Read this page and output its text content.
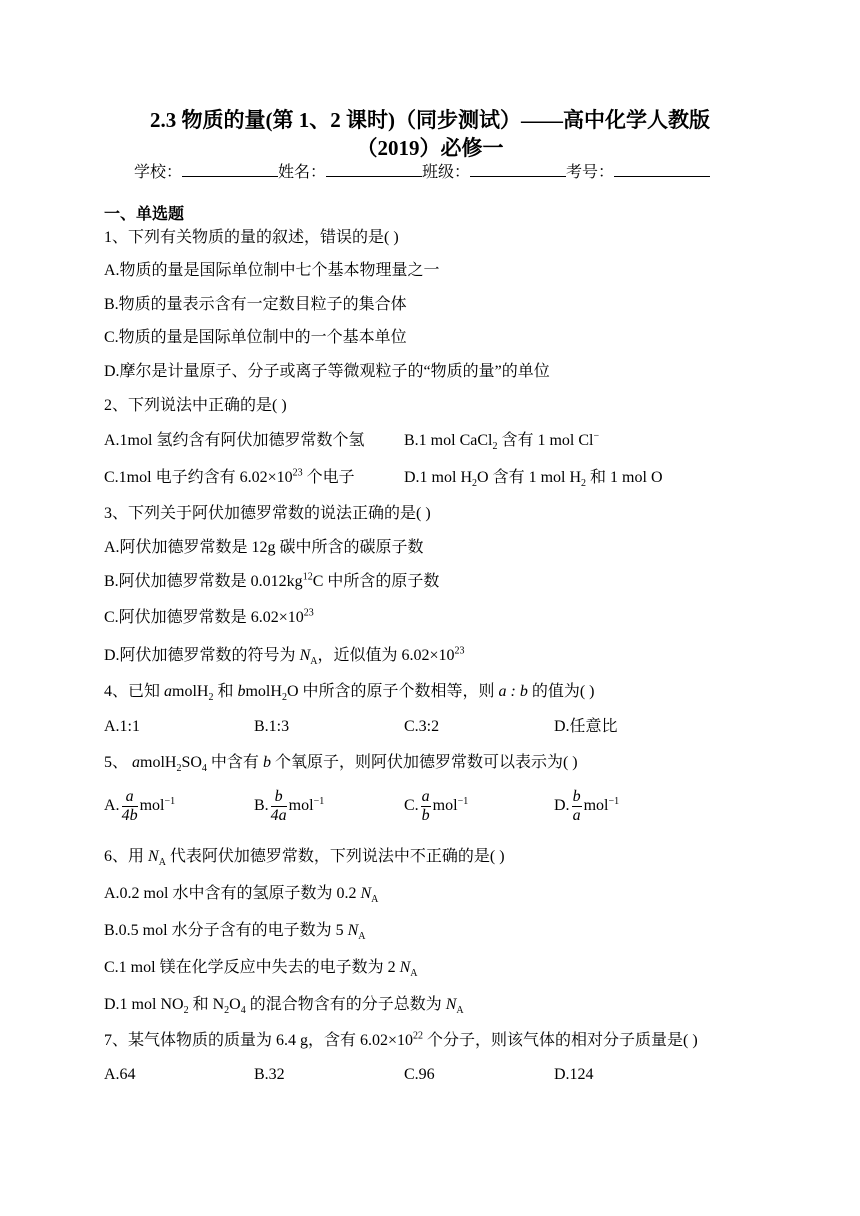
2.3 物质的量(第 1、2 课时)（同步测试）——高中化学人教版
（2019）必修一
学校：	姓名：	班级：	考号：
一、单选题
1、下列有关物质的量的叙述，错误的是( )
A.物质的量是国际单位制中七个基本物理量之一
B.物质的量表示含有一定数目粒子的集合体
C.物质的量是国际单位制中的一个基本单位
D.摩尔是计量原子、分子或离子等微观粒子的“物质的量”的单位
2、下列说法中正确的是( )
A.1mol 氢约含有阿伏加德罗常数个氢 B.1 mol CaCl$_2$ 含有 1 mol Cl−
C.1mol 电子约含有 $6.02\times 10^{23}$ 个电子	D.1 mol $H_2O$ 含有 1 mol $H_2$ 和 1 mol O
3、下列关于阿伏加德罗常数的说法正确的是( )
A.阿伏加德罗常数是 12g 碳中所含的碳原子数
B.阿伏加德罗常数是 $0.012kg^{12}C$ 中所含的原子数
C.阿伏加德罗常数是 $6.02\times 10^{23}$
D.阿伏加德罗常数的符号为 $N_A$，近似值为 $6.02\times 10^{23}$
4、已知 amolH$_2$ 和 bmolH$_2$O 中所含的原子个数相等，则 a : b 的值为( )
A.1:1	B.1:3	C.3:2	D.任意比
5、 $amolH_2SO_4$ 中含有 b 个氧原子，则阿伏加德罗常数可以表示为( )
A. $\frac{a}{4b} mol^{-1}$	B. $\frac{b}{4a} mol^{-1}$	C. $\frac{a}{b} mol^{-1}$	D. $\frac{b}{a} mol^{-1}$
6、用 $N_A$ 代表阿伏加德罗常数，下列说法中不正确的是( )
A.0.2 mol 水中含有的氢原子数为 0.2 $N_A$
B.0.5 mol 水分子含有的电子数为 5 $N_A$
C.1 mol 镁在化学反应中失去的电子数为 2 $N_A$
D.1 mol $NO_2$ 和 $N_2O_4$ 的混合物含有的分子总数为 $N_A$
7、某气体物质的质量为 6.4 g，含有 $6.02\times 10^{22}$ 个分子，则该气体的相对分子质量是( )
A.64	B.32	C.96	D.124
